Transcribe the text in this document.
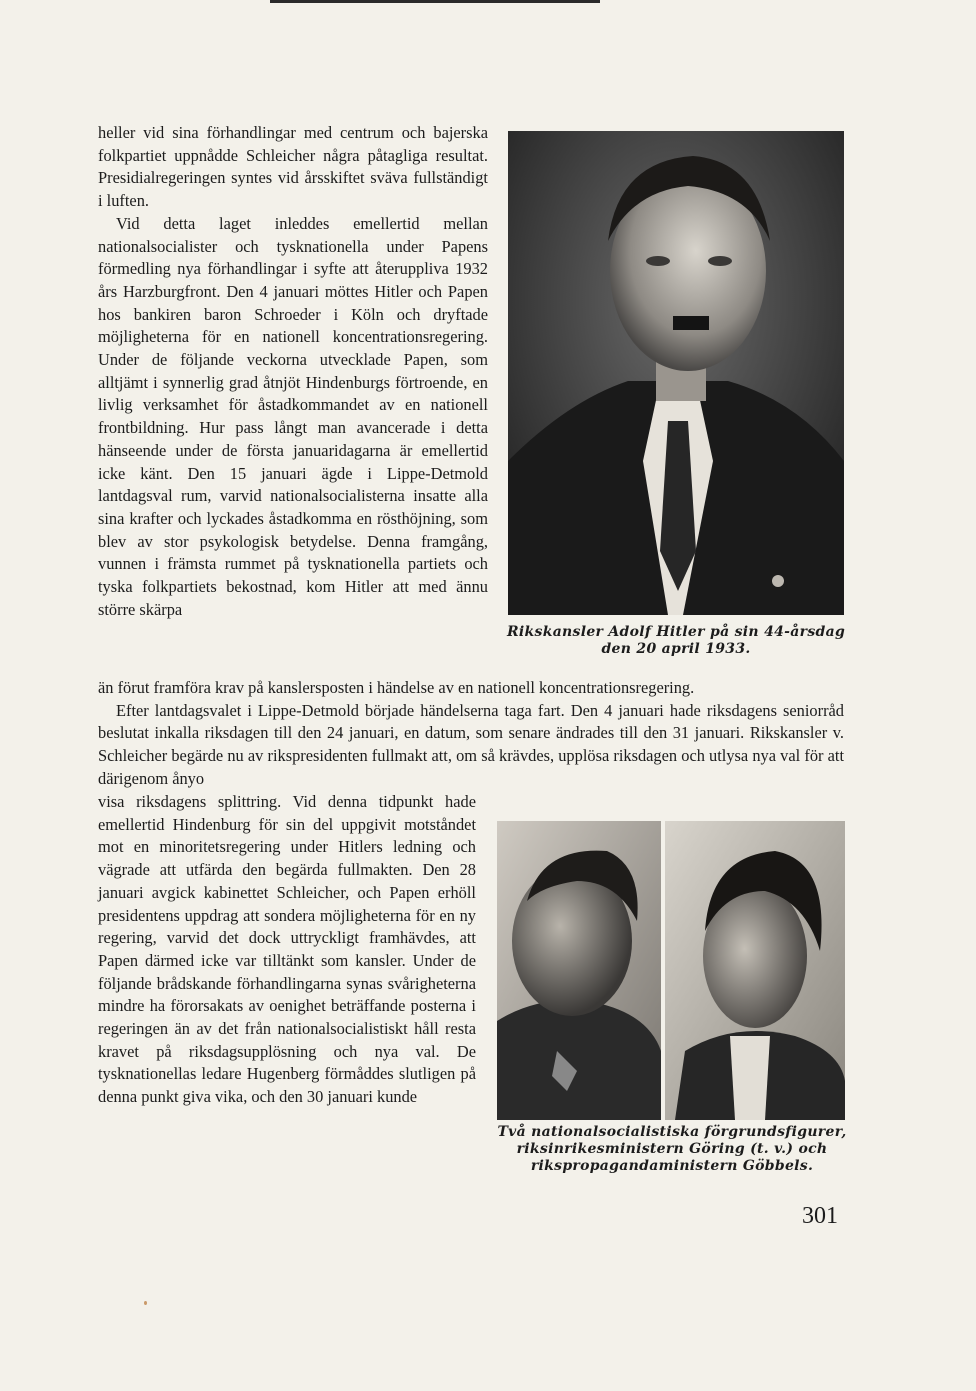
heller vid sina förhandlingar med centrum och bajerska folkpartiet uppnådde Schleicher några påtagliga resultat. Presidialregeringen syntes vid årsskiftet sväva fullständigt i luften.

Vid detta laget inleddes emellertid mellan nationalsocialister och tysknationella under Papens förmedling nya förhandlingar i syfte att återuppliva 1932 års Harzburgfront. Den 4 januari möttes Hitler och Papen hos bankiren baron Schroeder i Köln och dryftade möjligheterna för en nationell koncentrationsregering. Under de följande veckorna utvecklade Papen, som alltjämt i synnerlig grad åtnjöt Hindenburgs förtroende, en livlig verksamhet för åstadkommandet av en nationell frontbildning. Hur pass långt man avancerade i detta hänseende under de första januaridagarna är emellertid icke känt. Den 15 januari ägde i Lippe-Detmold lantdagsval rum, varvid nationalsocialisterna insatte alla sina krafter och lyckades åstadkomma en rösthöjning, som blev av stor psykologisk betydelse. Denna framgång, vunnen i främsta rummet på tysknationella partiets och tyska folkpartiets bekostnad, kom Hitler att med ännu större skärpa

än förut framföra krav på kanslersposten i händelse av en nationell koncentrationsregering.

Efter lantdagsvalet i Lippe-Detmold började händelserna taga fart. Den 4 januari hade riksdagens seniorråd beslutat inkalla riksdagen till den 24 januari, en datum, som senare ändrades till den 31 januari. Rikskansler v. Schleicher begärde nu av rikspresidenten fullmakt att, om så krävdes, upplösa riksdagen och utlysa nya val för att därigenom ånyo

visa riksdagens splittring. Vid denna tidpunkt hade emellertid Hindenburg för sin del uppgivit motståndet mot en minoritetsregering under Hitlers ledning och vägrade att utfärda den begärda fullmakten. Den 28 januari avgick kabinettet Schleicher, och Papen erhöll presidentens uppdrag att sondera möjligheterna för en ny regering, varvid det dock uttryckligt framhävdes, att Papen därmed icke var tilltänkt som kansler. Under de följande brådskande förhandlingarna synas svårigheterna mindre ha förorsakats av oenighet beträffande posterna i regeringen än av det från nationalsocialistiskt håll resta kravet på riksdagsupplösning och nya val. De tysknationellas ledare Hugenberg förmåddes slutligen på denna punkt giva vika, och den 30 januari kunde

Rikskansler Adolf Hitler på sin 44-årsdag
den 20 april 1933.
Två nationalsocialistiska förgrundsfigurer,
riksinrikesministern Göring (t. v.) och
rikspropagandaministern Göbbels.
301
